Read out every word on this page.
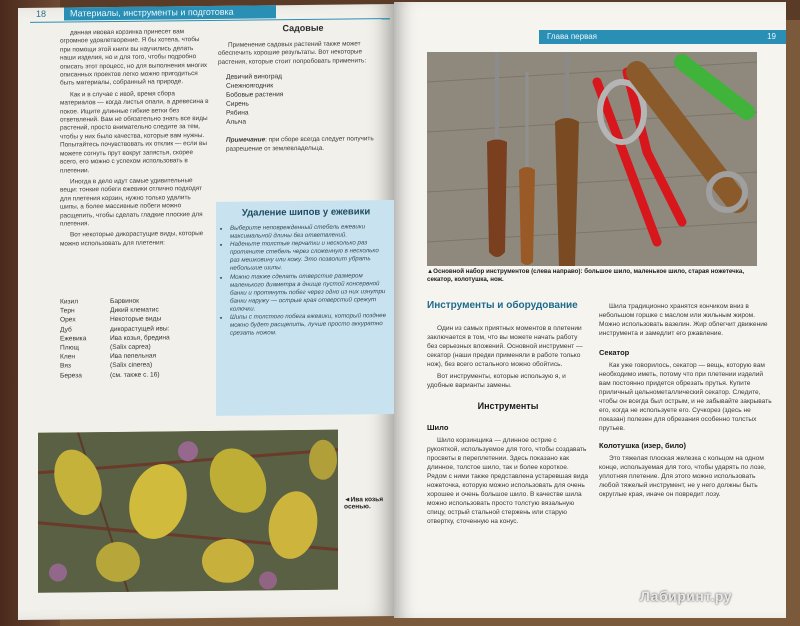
18	Материалы, инструменты и подготовка

данная ивовая корзинка принесет вам огромное удовлетворение. Я бы хотела, чтобы при помощи этой книги вы научились делать наши изделия, но и для того, чтобы подробно описать этот процесс, но для выполнения многих описанных проектов легко можно пригодиться быть материалы, собранный на природе.

Как и в случае с ивой, время сбора материалов — когда листья опали, а древесина в покое. Ищите длинные гибкие ветки без ответвлений. Вам не обязательно знать все виды растений, просто внимательно следите за тем, чтобы у них было качества, которые вам нужны. Попытайтесь почувствовать их отклик — если вы можете согнуть прут вокруг запястья, скорее всего, его можно с успехом использовать в плетении.

Иногда в дело идут самые удивительные вещи: тонкие побеги ежевики отлично подходят для плетения корзин, нужно только удалить шипы, а более массивные побеги можно расщепить, чтобы сделать гладкие плоские для плетения.

Вот некоторые дикорастущие виды, которые можно использовать для плетения:

Кизил	Барвинок
Терн	Дикий клематис
Орех	Некоторые виды
Дуб	дикорастущей ивы:
Ежевика	Ива козья, бредина
Плющ	(Salix caprea)
Клен	Ива пепельная
Вяз	(Salix cinerea)
Береза	(см. также с. 16)
Садовые

Применение садовых растений также может обеспечить хорошие результаты. Вот некоторые растения, которые стоит попробовать применить:

Девичий виноград
Снежноягодник
Бобовые растения
Сирень
Рябина
Алыча
Примечание: при сборе всегда следует получить разрешение от землевладельца.
Удаление шипов у ежевики
• Выберите неповрежденный стебель ежевики максимальной длины без ответвлений.
• Наденьте толстые перчатки и несколько раз протяните стебель через сложенную в несколько раз мешковину или кожу. Это позволит убрать небольшие шипы.
• Можно также сделать отверстие размером маленького диаметра в днище пустой консервной банки и протянуть побег через одно из них изнутри банки наружу — острые края отверстий срежут колючки.
• Шипы с толстого побега ежевики, который позднее можно будет расщепить, лучше просто аккуратно срезать ножом.
◄Ива козья осенью.
Глава первая	19
▲Основной набор инструментов (слева направо): большое шило, маленькое шило, старая ножетечка, секатор, колотушка, нож.
Инструменты и оборудование

Один из самых приятных моментов в плетении заключается в том, что вы можете начать работу без серьезных вложений. Основной инструмент — секатор (наши предки применяли в работе только нож), без всего остального можно обойтись.

Вот инструменты, которые использую я, и удобные варианты замены.

Инструменты
Шило

Шило корзинщика — длинное острие с рукояткой, используемое для того, чтобы создавать просветы в переплетении. Здесь показано как длинное, толстое шило, так и более короткое. Рядом с ними также представлена устаревшая вида ножеточка, которую можно использовать для очень хорошее и очень большое шило. В качестве шила можно использовать просто толстую вязальную спицу, острый стальной стержень или старую отвертку, сточенную на конус.

Шила традиционно хранятся кончиком вниз в небольшом горшке с маслом или жильным жиром. Можно использовать вазелин. Жир облегчит движение инструмента и замедлит его ржавление.

Секатор

Как уже говорилось, секатор — вещь, которую вам необходимо иметь, потому что при плетении изделий вам постоянно придется обрезать прутья. Купите приличный цельнометаллический секатор. Следите, чтобы он всегда был острым, и не забывайте закрывать его, когда не используете его. Сучкорез (здесь не показан) полезен для обрезания особенно толстых прутьев.

Колотушка (изер, било)

Это тяжелая плоская железка с кольцом на одном конце, используемая для того, чтобы ударять по лозе, уплотняя плетение. Для этого можно использовать любой тяжелый инструмент, не у него должны быть округлые края, иначе он повредит лозу.

Лабиринт.ру
